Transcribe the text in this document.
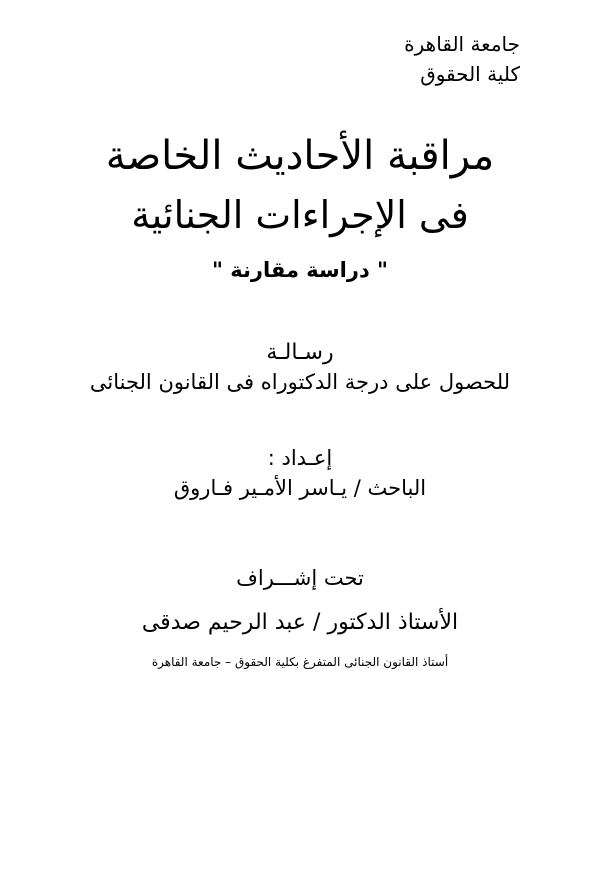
جامعة القاهرة
كلية الحقوق
مراقبة الأحاديث الخاصة
فى الإجراءات الجنائية
" دراسة مقارنة "
رسـالـة
للحصول على درجة الدكتوراه فى القانون الجنائى
إعـداد :
الباحث / يـاسر الأمـير فـاروق
تحت إشـــراف
الأستاذ الدكتور / عبد الرحيم صدقى
أستاذ القانون الجنائى المتفرغ بكلية الحقوق – جامعة القاهرة
